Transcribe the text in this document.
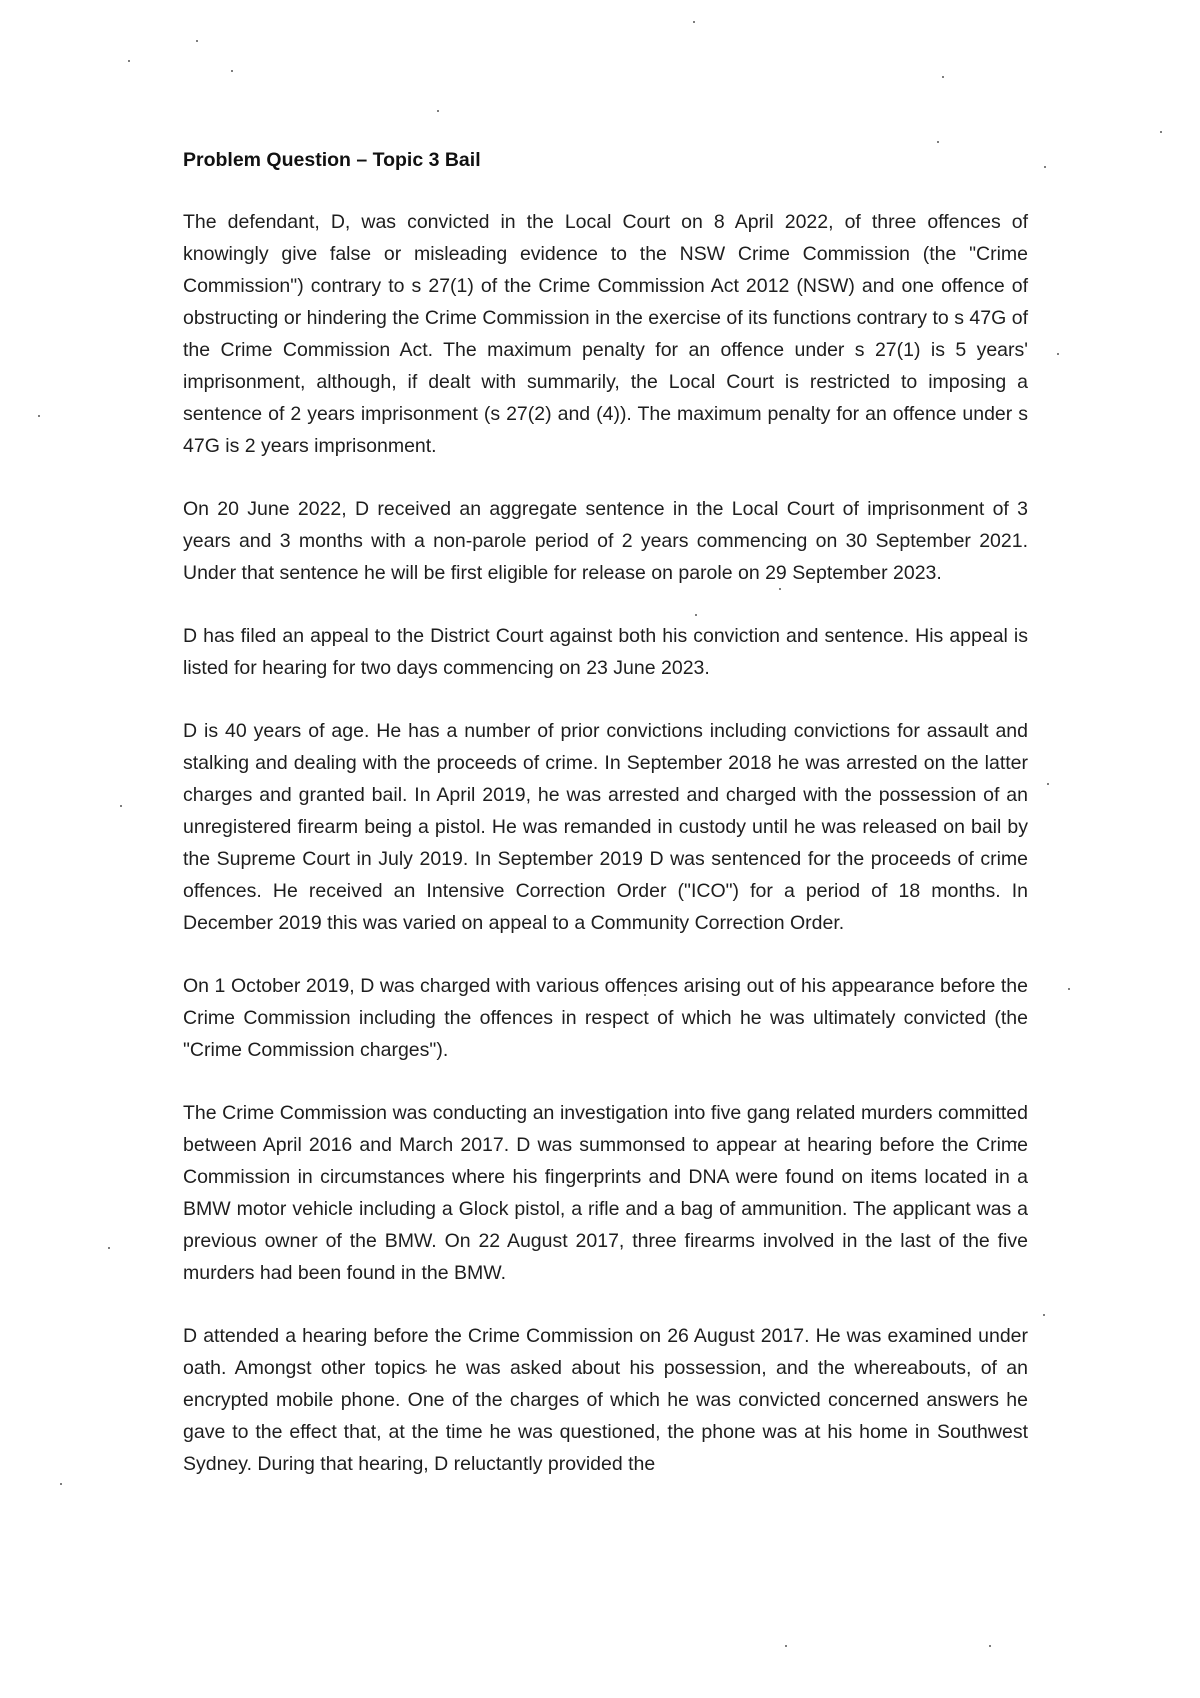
Problem Question – Topic 3 Bail

The defendant, D, was convicted in the Local Court on 8 April 2022, of three offences of knowingly give false or misleading evidence to the NSW Crime Commission (the "Crime Commission") contrary to s 27(1) of the Crime Commission Act 2012 (NSW) and one offence of obstructing or hindering the Crime Commission in the exercise of its functions contrary to s 47G of the Crime Commission Act. The maximum penalty for an offence under s 27(1) is 5 years' imprisonment, although, if dealt with summarily, the Local Court is restricted to imposing a sentence of 2 years imprisonment (s 27(2) and (4)). The maximum penalty for an offence under s 47G is 2 years imprisonment.

On 20 June 2022, D received an aggregate sentence in the Local Court of imprisonment of 3 years and 3 months with a non-parole period of 2 years commencing on 30 September 2021. Under that sentence he will be first eligible for release on parole on 29 September 2023.

D has filed an appeal to the District Court against both his conviction and sentence. His appeal is listed for hearing for two days commencing on 23 June 2023.

D is 40 years of age. He has a number of prior convictions including convictions for assault and stalking and dealing with the proceeds of crime. In September 2018 he was arrested on the latter charges and granted bail. In April 2019, he was arrested and charged with the possession of an unregistered firearm being a pistol. He was remanded in custody until he was released on bail by the Supreme Court in July 2019. In September 2019 D was sentenced for the proceeds of crime offences. He received an Intensive Correction Order ("ICO") for a period of 18 months. In December 2019 this was varied on appeal to a Community Correction Order.

On 1 October 2019, D was charged with various offences arising out of his appearance before the Crime Commission including the offences in respect of which he was ultimately convicted (the "Crime Commission charges").

The Crime Commission was conducting an investigation into five gang related murders committed between April 2016 and March 2017. D was summonsed to appear at hearing before the Crime Commission in circumstances where his fingerprints and DNA were found on items located in a BMW motor vehicle including a Glock pistol, a rifle and a bag of ammunition. The applicant was a previous owner of the BMW. On 22 August 2017, three firearms involved in the last of the five murders had been found in the BMW.

D attended a hearing before the Crime Commission on 26 August 2017. He was examined under oath. Amongst other topics he was asked about his possession, and the whereabouts, of an encrypted mobile phone. One of the charges of which he was convicted concerned answers he gave to the effect that, at the time he was questioned, the phone was at his home in Southwest Sydney. During that hearing, D reluctantly provided the
